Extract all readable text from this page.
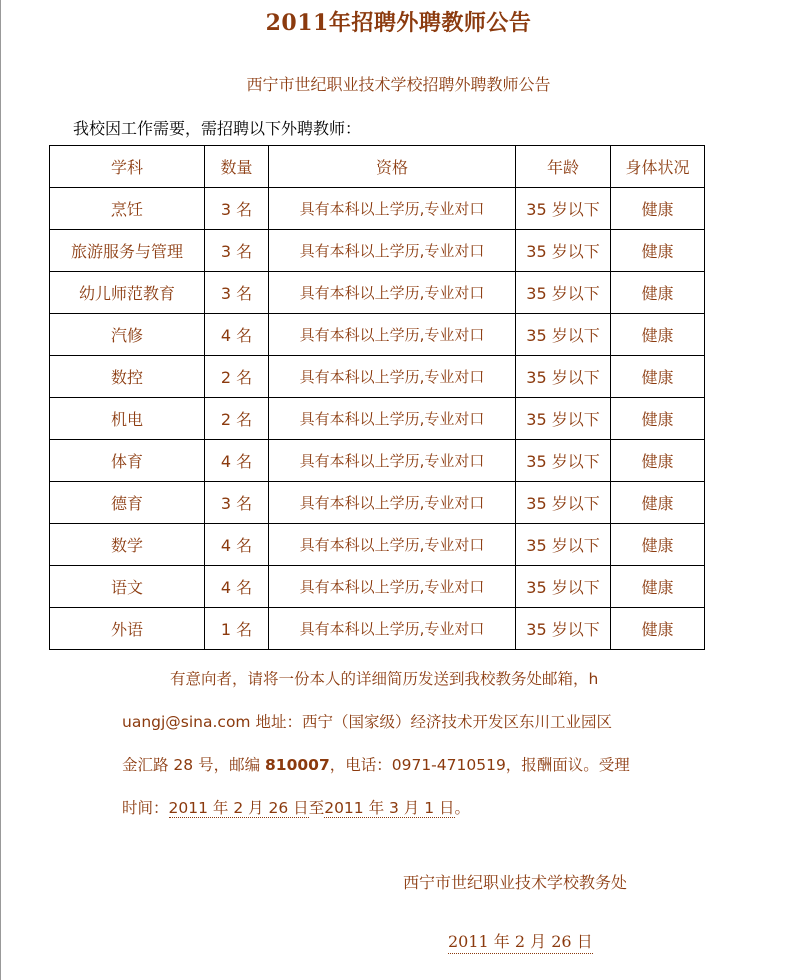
2011年招聘外聘教师公告
西宁市世纪职业技术学校招聘外聘教师公告
我校因工作需要，需招聘以下外聘教师：
学科	数量	资格	年龄	身体状况
烹饪	3 名	具有本科以上学历,专业对口	35 岁以下	健康
旅游服务与管理	3 名	具有本科以上学历,专业对口	35 岁以下	健康
幼儿师范教育	3 名	具有本科以上学历,专业对口	35 岁以下	健康
汽修	4 名	具有本科以上学历,专业对口	35 岁以下	健康
数控	2 名	具有本科以上学历,专业对口	35 岁以下	健康
机电	2 名	具有本科以上学历,专业对口	35 岁以下	健康
体育	4 名	具有本科以上学历,专业对口	35 岁以下	健康
德育	3 名	具有本科以上学历,专业对口	35 岁以下	健康
数学	4 名	具有本科以上学历,专业对口	35 岁以下	健康
语文	4 名	具有本科以上学历,专业对口	35 岁以下	健康
外语	1 名	具有本科以上学历,专业对口	35 岁以下	健康
有意向者，请将一份本人的详细简历发送到我校教务处邮箱，h
uangj@sina.com 地址：西宁（国家级）经济技术开发区东川工业园区
金汇路 28 号，邮编 810007，电话：0971-4710519，报酬面议。受理
时间：2011 年 2 月 26 日至2011 年 3 月 1 日。
西宁市世纪职业技术学校教务处
2011 年 2 月 26 日
